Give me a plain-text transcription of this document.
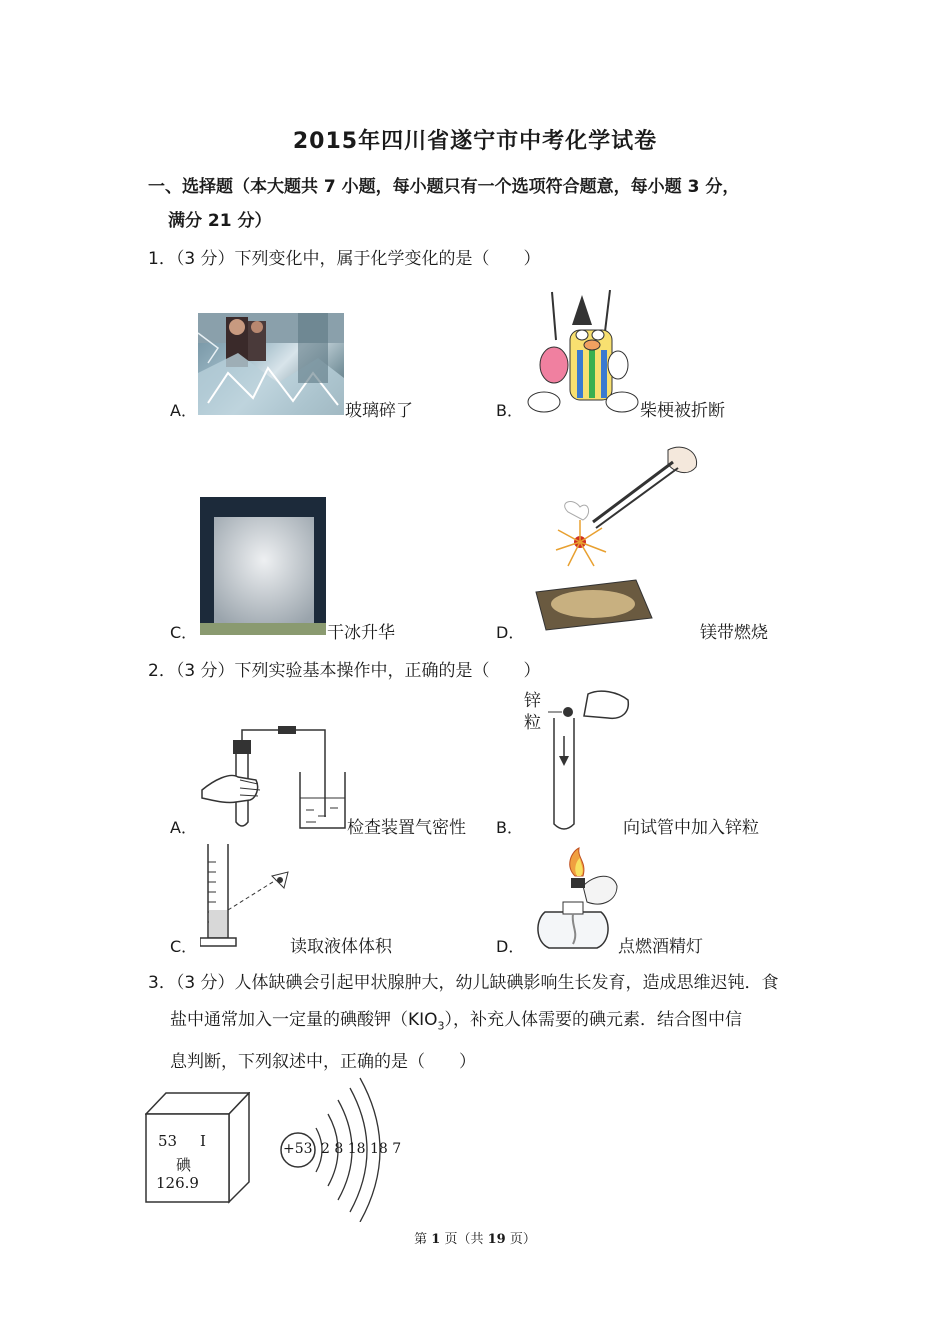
2015年四川省遂宁市中考化学试卷
一、选择题（本大题共 7 小题，每小题只有一个选项符合题意，每小题 3 分，
满分 21 分）
1．（3 分）下列变化中，属于化学变化的是（　　）
A．	玻璃碎了	B．	柴梗被折断
C．	干冰升华	D．	镁带燃烧
2．（3 分）下列实验基本操作中，正确的是（　　）
A．	检查装置气密性 B．
锌粒
向试管中加入锌粒
C．	读取液体体积	D．	点燃酒精灯
3．（3 分）人体缺碘会引起甲状腺肿大，幼儿缺碘影响生长发育，造成思维迟钝．食
盐中通常加入一定量的碘酸钾$(KIO_3)$，补充人体需要的碘元素．结合图中信
息判断，下列叙述中，正确的是（　　）
53 I
碘
126.9
+53 2 8 18 18 7
第 1 页（共 19 页）
